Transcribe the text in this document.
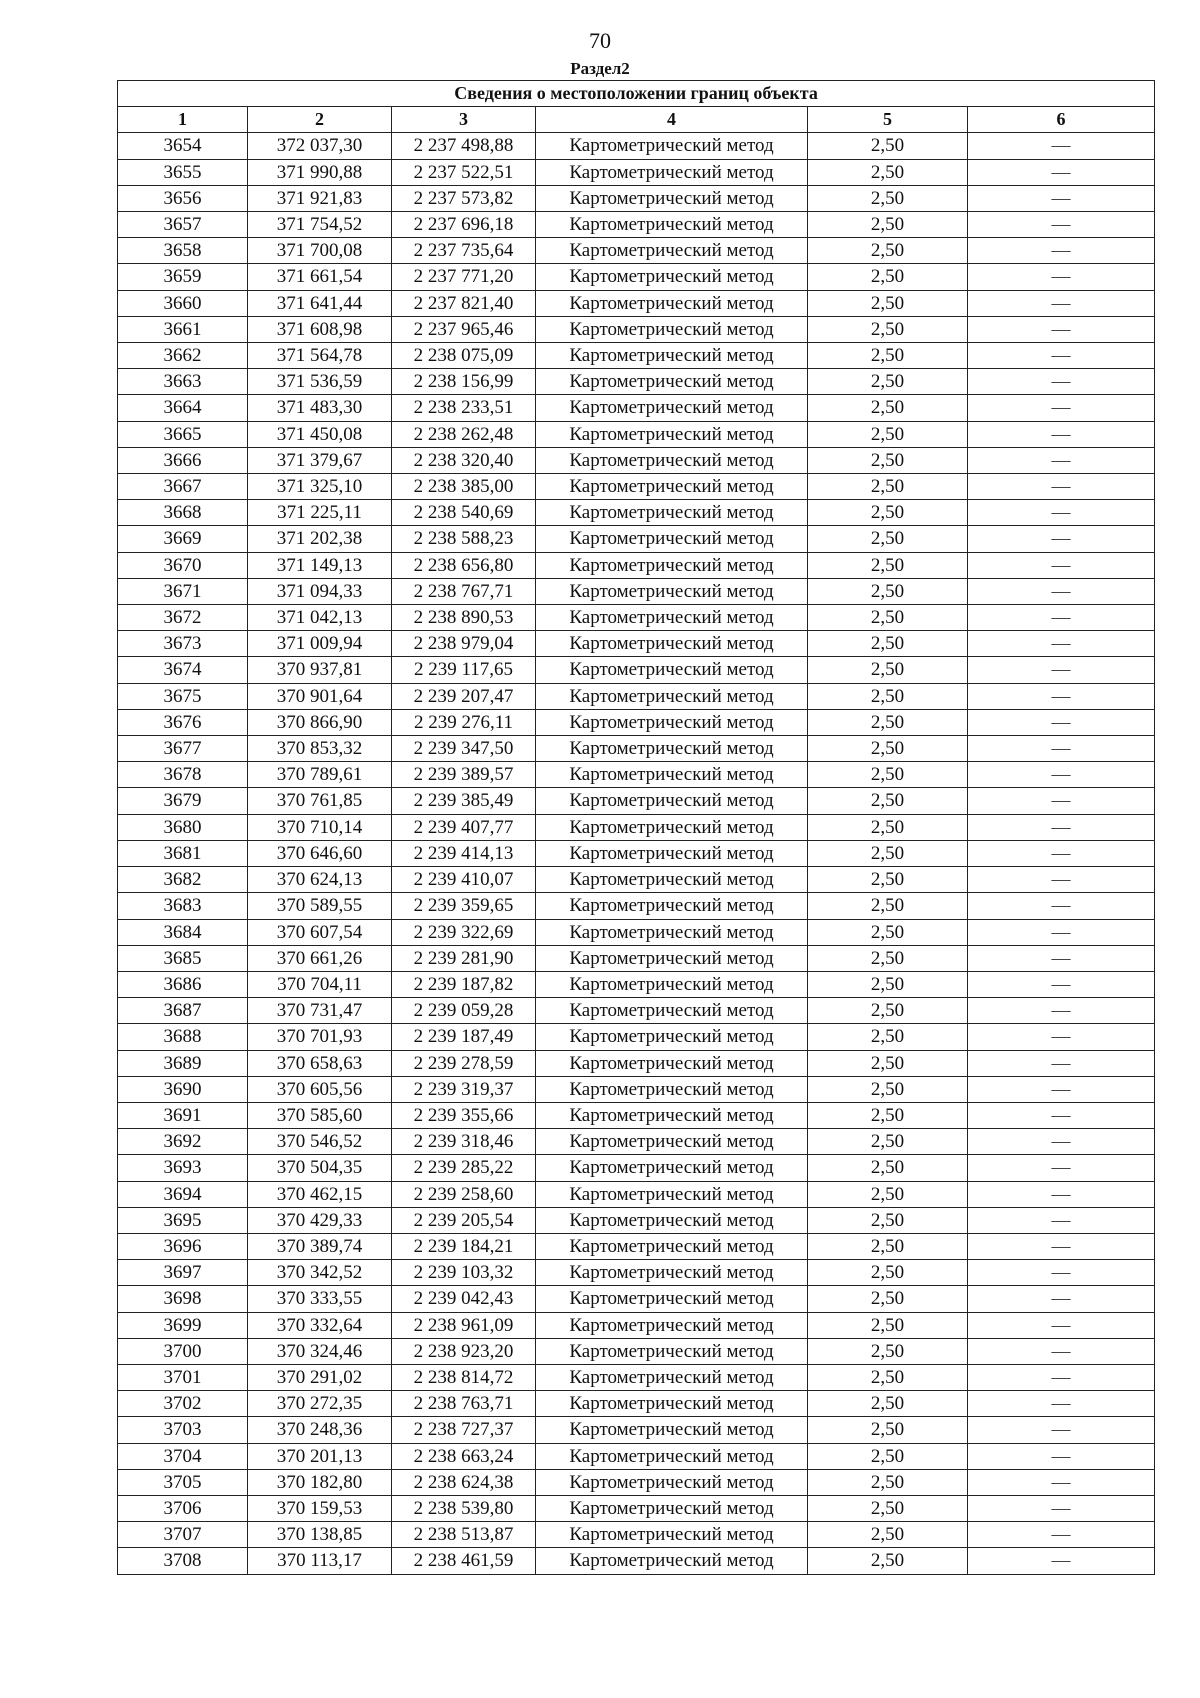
70
Раздел2
Сведения о местоположении границ объекта					
1	2	3	4	5	6
3654	372 037,30	2 237 498,88	Картометрический метод	2,50	—
3655	371 990,88	2 237 522,51	Картометрический метод	2,50	—
3656	371 921,83	2 237 573,82	Картометрический метод	2,50	—
3657	371 754,52	2 237 696,18	Картометрический метод	2,50	—
3658	371 700,08	2 237 735,64	Картометрический метод	2,50	—
3659	371 661,54	2 237 771,20	Картометрический метод	2,50	—
3660	371 641,44	2 237 821,40	Картометрический метод	2,50	—
3661	371 608,98	2 237 965,46	Картометрический метод	2,50	—
3662	371 564,78	2 238 075,09	Картометрический метод	2,50	—
3663	371 536,59	2 238 156,99	Картометрический метод	2,50	—
3664	371 483,30	2 238 233,51	Картометрический метод	2,50	—
3665	371 450,08	2 238 262,48	Картометрический метод	2,50	—
3666	371 379,67	2 238 320,40	Картометрический метод	2,50	—
3667	371 325,10	2 238 385,00	Картометрический метод	2,50	—
3668	371 225,11	2 238 540,69	Картометрический метод	2,50	—
3669	371 202,38	2 238 588,23	Картометрический метод	2,50	—
3670	371 149,13	2 238 656,80	Картометрический метод	2,50	—
3671	371 094,33	2 238 767,71	Картометрический метод	2,50	—
3672	371 042,13	2 238 890,53	Картометрический метод	2,50	—
3673	371 009,94	2 238 979,04	Картометрический метод	2,50	—
3674	370 937,81	2 239 117,65	Картометрический метод	2,50	—
3675	370 901,64	2 239 207,47	Картометрический метод	2,50	—
3676	370 866,90	2 239 276,11	Картометрический метод	2,50	—
3677	370 853,32	2 239 347,50	Картометрический метод	2,50	—
3678	370 789,61	2 239 389,57	Картометрический метод	2,50	—
3679	370 761,85	2 239 385,49	Картометрический метод	2,50	—
3680	370 710,14	2 239 407,77	Картометрический метод	2,50	—
3681	370 646,60	2 239 414,13	Картометрический метод	2,50	—
3682	370 624,13	2 239 410,07	Картометрический метод	2,50	—
3683	370 589,55	2 239 359,65	Картометрический метод	2,50	—
3684	370 607,54	2 239 322,69	Картометрический метод	2,50	—
3685	370 661,26	2 239 281,90	Картометрический метод	2,50	—
3686	370 704,11	2 239 187,82	Картометрический метод	2,50	—
3687	370 731,47	2 239 059,28	Картометрический метод	2,50	—
3688	370 701,93	2 239 187,49	Картометрический метод	2,50	—
3689	370 658,63	2 239 278,59	Картометрический метод	2,50	—
3690	370 605,56	2 239 319,37	Картометрический метод	2,50	—
3691	370 585,60	2 239 355,66	Картометрический метод	2,50	—
3692	370 546,52	2 239 318,46	Картометрический метод	2,50	—
3693	370 504,35	2 239 285,22	Картометрический метод	2,50	—
3694	370 462,15	2 239 258,60	Картометрический метод	2,50	—
3695	370 429,33	2 239 205,54	Картометрический метод	2,50	—
3696	370 389,74	2 239 184,21	Картометрический метод	2,50	—
3697	370 342,52	2 239 103,32	Картометрический метод	2,50	—
3698	370 333,55	2 239 042,43	Картометрический метод	2,50	—
3699	370 332,64	2 238 961,09	Картометрический метод	2,50	—
3700	370 324,46	2 238 923,20	Картометрический метод	2,50	—
3701	370 291,02	2 238 814,72	Картометрический метод	2,50	—
3702	370 272,35	2 238 763,71	Картометрический метод	2,50	—
3703	370 248,36	2 238 727,37	Картометрический метод	2,50	—
3704	370 201,13	2 238 663,24	Картометрический метод	2,50	—
3705	370 182,80	2 238 624,38	Картометрический метод	2,50	—
3706	370 159,53	2 238 539,80	Картометрический метод	2,50	—
3707	370 138,85	2 238 513,87	Картометрический метод	2,50	—
3708	370 113,17	2 238 461,59	Картометрический метод	2,50	—
